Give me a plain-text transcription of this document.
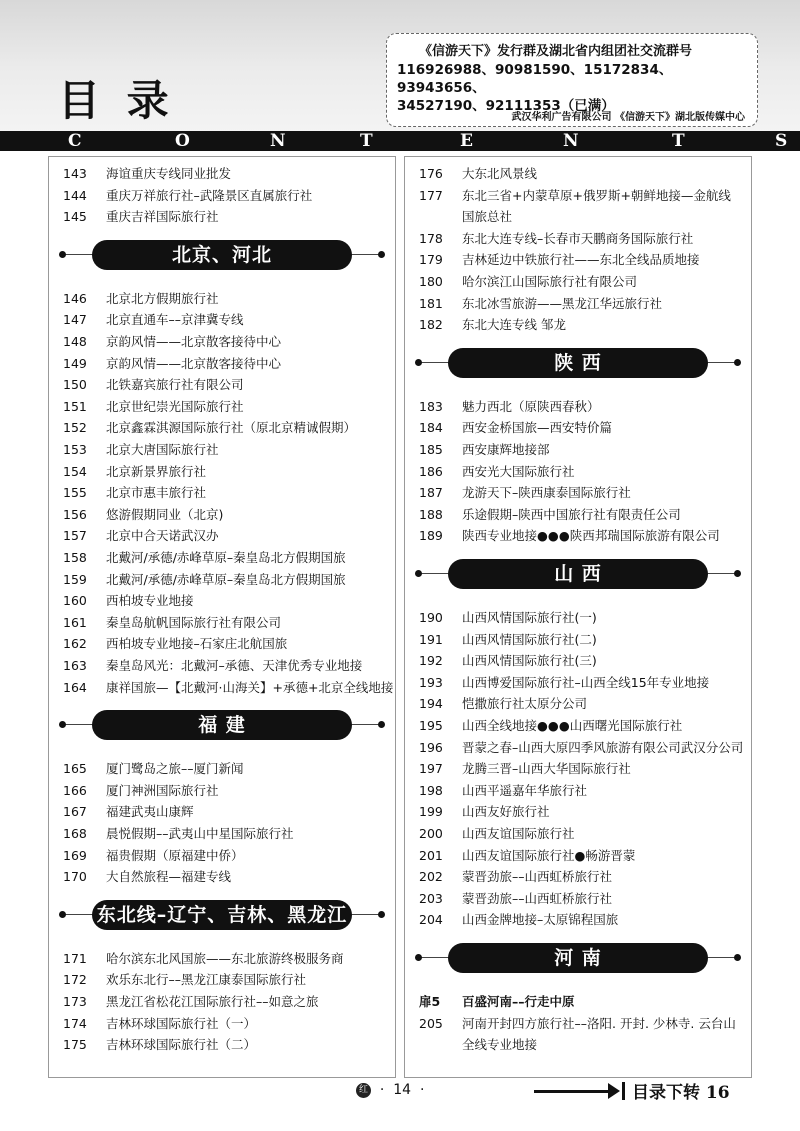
目 录
《信游天下》发行群及湖北省内组团社交流群号
116926988、90981590、15172834、93943656、
34527190、92111353（已满）
武汉华利广告有限公司 《信游天下》湖北版传媒中心
C	O	N	T	E	N	T	S
143	海谊重庆专线同业批发
144	重庆万祥旅行社–武隆景区直属旅行社
145	重庆吉祥国际旅行社
北京、河北
146	北京北方假期旅行社
147	北京直通车––京津冀专线
148	京韵风情——北京散客接待中心
149	京韵风情——北京散客接待中心
150	北铁嘉宾旅行社有限公司
151	北京世纪崇光国际旅行社
152	北京鑫霖淇源国际旅行社（原北京精诚假期）
153	北京大唐国际旅行社
154	北京新景界旅行社
155	北京市惠丰旅行社
156	悠游假期同业（北京)
157	北京中合天诺武汉办
158	北戴河/承德/赤峰草原–秦皇岛北方假期国旅
159	北戴河/承德/赤峰草原–秦皇岛北方假期国旅
160	西柏坡专业地接
161	秦皇岛航帆国际旅行社有限公司
162	西柏坡专业地接–石家庄北航国旅
163	秦皇岛风光：北戴河–承德、天津优秀专业地接
164	康祥国旅—【北戴河·山海关】+承德+北京全线地接
福 建
165	厦门鹭岛之旅––厦门新闻
166	厦门神洲国际旅行社
167	福建武夷山康辉
168	晨悦假期––武夷山中星国际旅行社
169	福贵假期（原福建中侨）
170	大自然旅程—福建专线
东北线–辽宁、吉林、黑龙江
171	哈尔滨东北风国旅——东北旅游终极服务商
172	欢乐东北行––黑龙江康泰国际旅行社
173	黑龙江省松花江国际旅行社––如意之旅
174	吉林环球国际旅行社（一）
175	吉林环球国际旅行社（二）
176	大东北风景线
177	东北三省+内蒙草原+俄罗斯+朝鲜地接—金航线国旅总社
178	东北大连专线–长春市天鹏商务国际旅行社
179	吉林延边中铁旅行社——东北全线品质地接
180	哈尔滨江山国际旅行社有限公司
181	东北冰雪旅游——黑龙江华远旅行社
182	东北大连专线 邹龙
陕 西
183	魅力西北（原陕西春秋）
184	西安金桥国旅—西安特价篇
185	西安康辉地接部
186	西安光大国际旅行社
187	龙游天下–陕西康泰国际旅行社
188	乐途假期–陕西中国旅行社有限责任公司
189	陕西专业地接●●●陕西邦瑞国际旅游有限公司
山 西
190	山西风情国际旅行社(一)
191	山西风情国际旅行社(二)
192	山西风情国际旅行社(三)
193	山西博爱国际旅行社–山西全线15年专业地接
194	恺撒旅行社太原分公司
195	山西全线地接●●●山西曙光国际旅行社
196	晋蒙之春–山西大原四季风旅游有限公司武汉分公司
197	龙腾三晋–山西大华国际旅行社
198	山西平遥嘉年华旅行社
199	山西友好旅行社
200	山西友谊国际旅行社
201	山西友谊国际旅行社●畅游晋蒙
202	蒙晋劲旅––山西虹桥旅行社
203	蒙晋劲旅––山西虹桥旅行社
204	山西金牌地接–太原锦程国旅
河 南
扉5	百盛河南––行走中原
205	河南开封四方旅行社––洛阳. 开封. 少林寺. 云台山全线专业地接
红  ·  14  ·	目录下转 16
